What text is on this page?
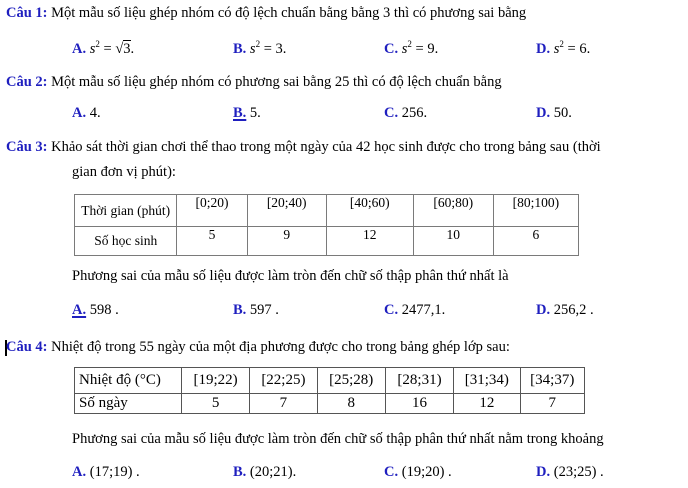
Câu 1: Một mẫu số liệu ghép nhóm có độ lệch chuẩn bằng bằng 3 thì có phương sai bằng
A. $s^2 = √3$.	B. $s^2 = 3$.	C. $s^2 = 9$.	D. $s^2 = 6$.
Câu 2: Một mẫu số liệu ghép nhóm có phương sai bằng 25 thì có độ lệch chuẩn bằng
A. 4.	B. 5.	C. 256.	D. 50.
Câu 3: Khảo sát thời gian chơi thể thao trong một ngày của 42 học sinh được cho trong bảng sau (thời
gian đơn vị phút):
Thời gian (phút)	[0;20)	[20;40)	[40;60)	[60;80)	[80;100)
Số học sinh	5	9	12	10	6
Phương sai của mẫu số liệu được làm tròn đến chữ số thập phân thứ nhất là
A. 598 .	B. 597 .	C. 2477,1.	D. 256,2 .
Câu 4: Nhiệt độ trong 55 ngày của một địa phương được cho trong bảng ghép lớp sau:
Nhiệt độ (°C)	[19;22)	[22;25)	[25;28)	[28;31)	[31;34)	[34;37)
Số ngày	5	7	8	16	12	7
Phương sai của mẫu số liệu được làm tròn đến chữ số thập phân thứ nhất nằm trong khoảng
A. (17;19) .	B. (20;21).	C. (19;20) .	D. (23;25) .
